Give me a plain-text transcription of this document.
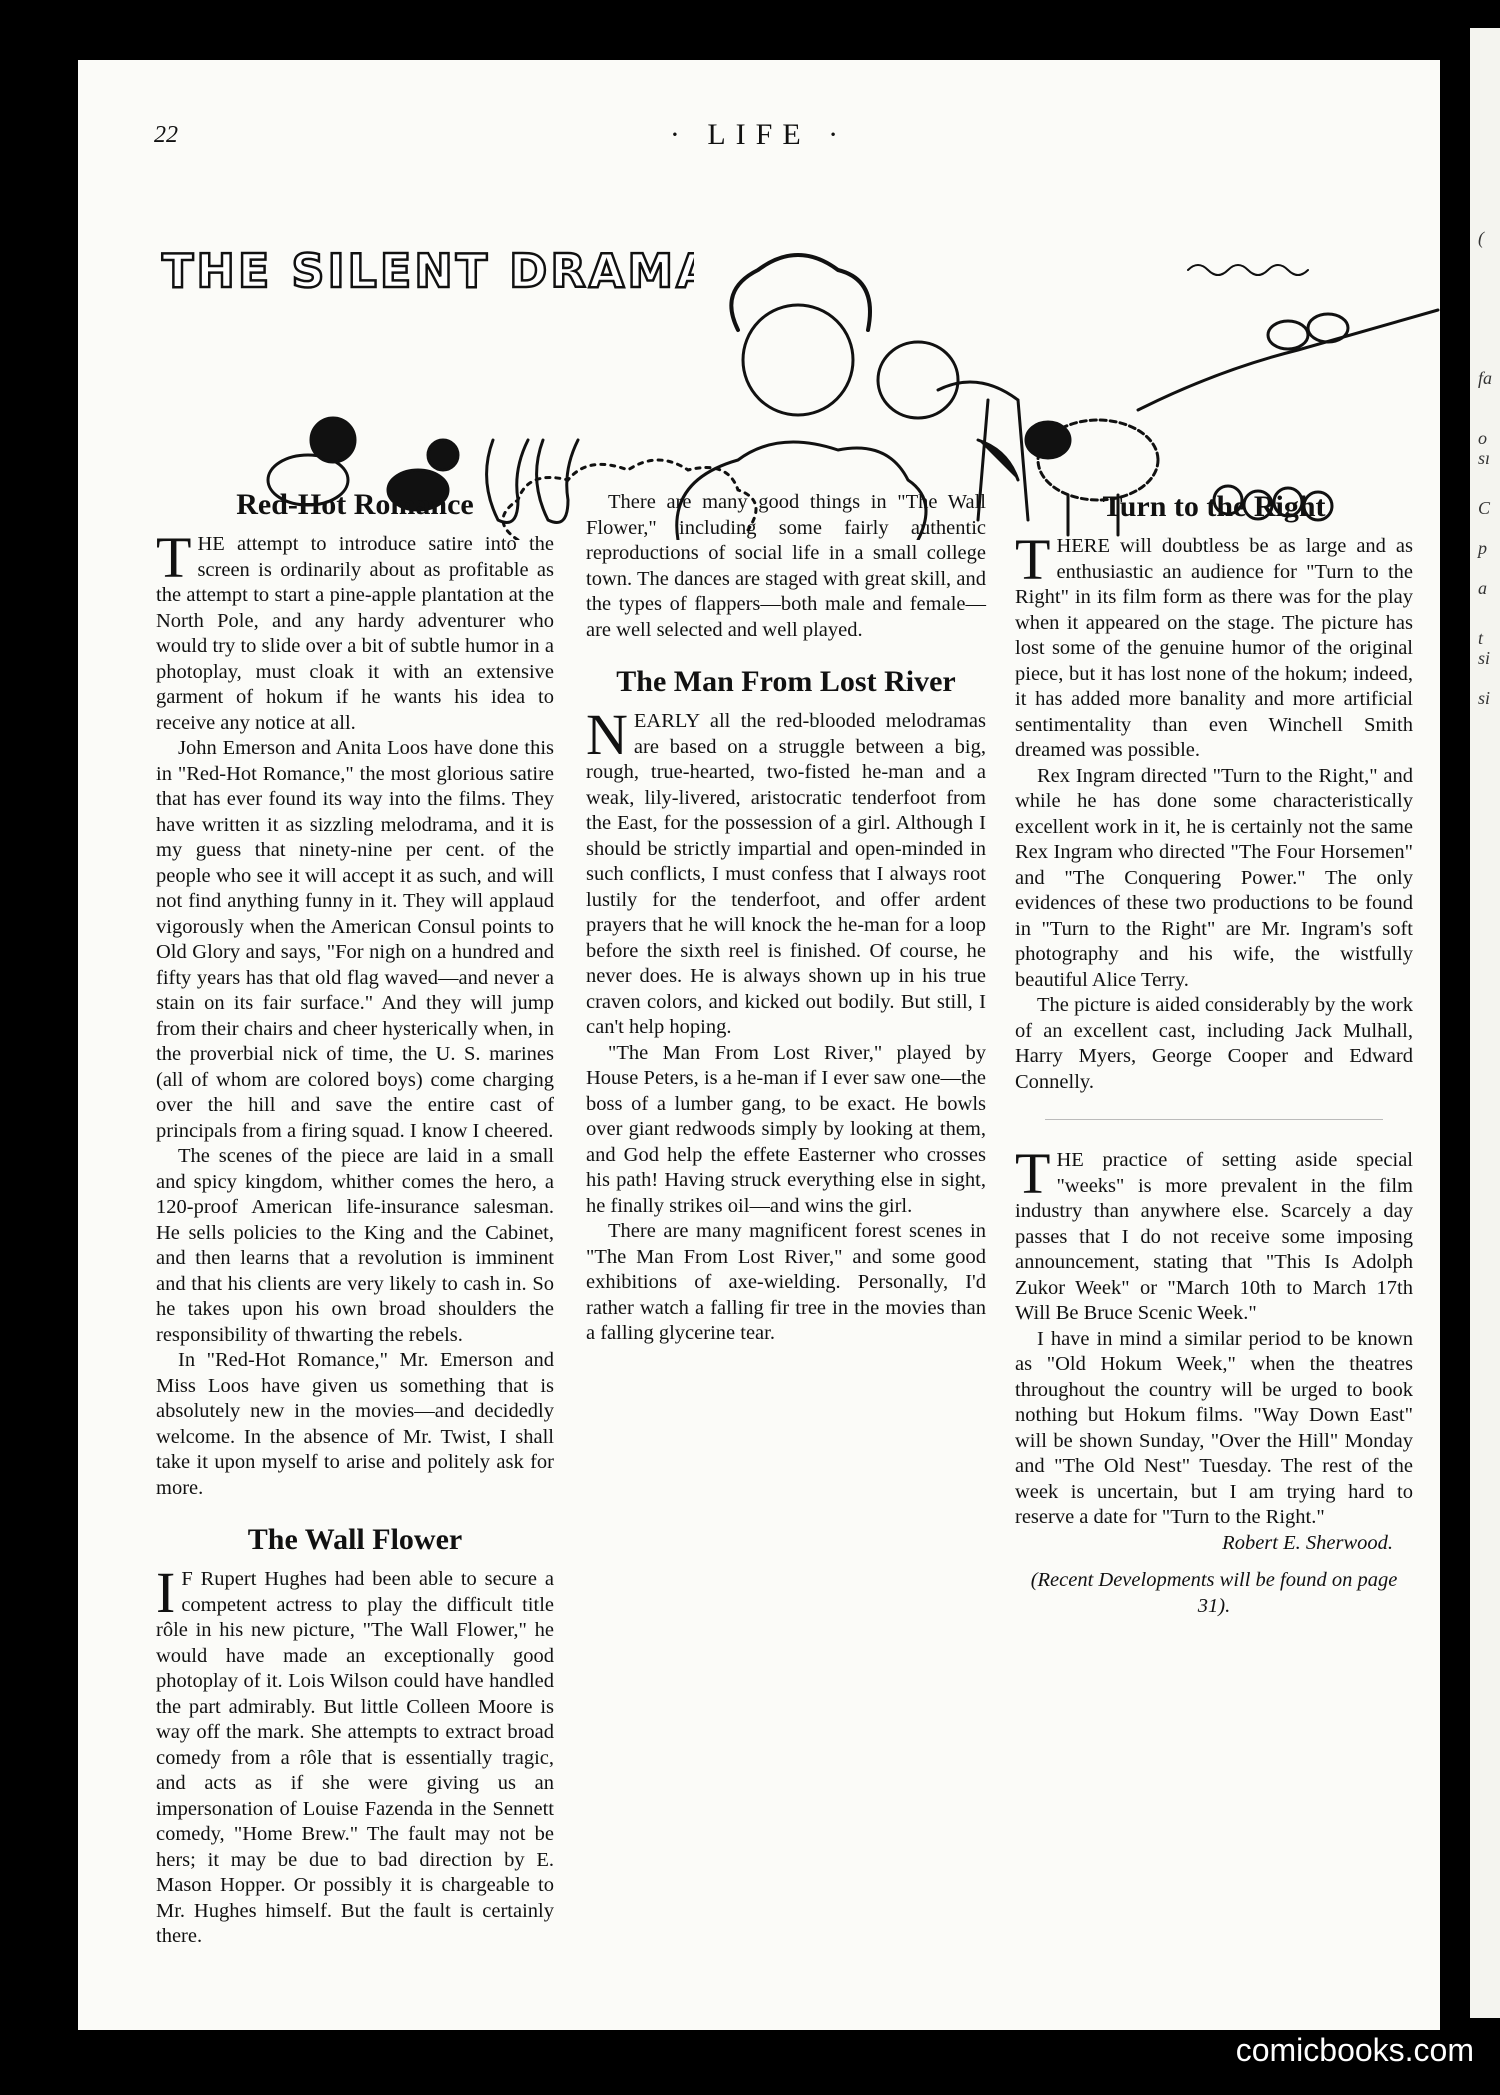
22	· LIFE ·
THE SILENT DRAMA
(
fa
o
sı
C
p
a
t
si
si
Red-Hot Romance

THE attempt to introduce satire into the screen is ordinarily about as profitable as the attempt to start a pine-apple plantation at the North Pole, and any hardy adventurer who would try to slide over a bit of subtle humor in a photoplay, must cloak it with an extensive garment of hokum if he wants his idea to receive any notice at all.

John Emerson and Anita Loos have done this in "Red-Hot Romance," the most glorious satire that has ever found its way into the films. They have written it as sizzling melodrama, and it is my guess that ninety-nine per cent. of the people who see it will accept it as such, and will not find anything funny in it. They will applaud vigorously when the American Consul points to Old Glory and says, "For nigh on a hundred and fifty years has that old flag waved—and never a stain on its fair surface." And they will jump from their chairs and cheer hysterically when, in the proverbial nick of time, the U. S. marines (all of whom are colored boys) come charging over the hill and save the entire cast of principals from a firing squad. I know I cheered.

The scenes of the piece are laid in a small and spicy kingdom, whither comes the hero, a 120-proof American life-insurance salesman. He sells policies to the King and the Cabinet, and then learns that a revolution is imminent and that his clients are very likely to cash in. So he takes upon his own broad shoulders the responsibility of thwarting the rebels.

In "Red-Hot Romance," Mr. Emerson and Miss Loos have given us something that is absolutely new in the movies—and decidedly welcome. In the absence of Mr. Twist, I shall take it upon myself to arise and politely ask for more.

The Wall Flower

I F Rupert Hughes had been able to secure a competent actress to play the difficult title rôle in his new picture, "The Wall Flower," he would have made an exceptionally good photoplay of it. Lois Wilson could have handled the part admirably. But little Colleen Moore is way off the mark. She attempts to extract broad comedy from a rôle that is essentially tragic, and acts as if she were giving us an impersonation of Louise Fazenda in the Sennett comedy, "Home Brew." The fault may not be hers; it may be due to bad direction by E. Mason Hopper. Or possibly it is chargeable to Mr. Hughes himself. But the fault is certainly there.

There are many good things in "The Wall Flower," including some fairly authentic reproductions of social life in a small college town. The dances are staged with great skill, and the types of flappers—both male and female—are well selected and well played.

The Man From Lost River

NEARLY all the red-blooded melodramas are based on a struggle between a big, rough, true-hearted, two-fisted he-man and a weak, lily-livered, aristocratic tenderfoot from the East, for the possession of a girl. Although I should be strictly impartial and open-minded in such conflicts, I must confess that I always root lustily for the tenderfoot, and offer ardent prayers that he will knock the he-man for a loop before the sixth reel is finished. Of course, he never does. He is always shown up in his true craven colors, and kicked out bodily. But still, I can't help hoping.

"The Man From Lost River," played by House Peters, is a he-man if I ever saw one—the boss of a lumber gang, to be exact. He bowls over giant redwoods simply by looking at them, and God help the effete Easterner who crosses his path! Having struck everything else in sight, he finally strikes oil—and wins the girl.

There are many magnificent forest scenes in "The Man From Lost River," and some good exhibitions of axe-wielding. Personally, I'd rather watch a falling fir tree in the movies than a falling glycerine tear.

Turn to the Right

THERE will doubtless be as large and as enthusiastic an audience for "Turn to the Right" in its film form as there was for the play when it appeared on the stage. The picture has lost some of the genuine humor of the original piece, but it has lost none of the hokum; indeed, it has added more banality and more artificial sentimentality than even Winchell Smith dreamed was possible.

Rex Ingram directed "Turn to the Right," and while he has done some characteristically excellent work in it, he is certainly not the same Rex Ingram who directed "The Four Horsemen" and "The Conquering Power." The only evidences of these two productions to be found in "Turn to the Right" are Mr. Ingram's soft photography and his wife, the wistfully beautiful Alice Terry.

The picture is aided considerably by the work of an excellent cast, including Jack Mulhall, Harry Myers, George Cooper and Edward Connelly.

THE practice of setting aside special "weeks" is more prevalent in the film industry than anywhere else. Scarcely a day passes that I do not receive some imposing announcement, stating that "This Is Adolph Zukor Week" or "March 10th to March 17th Will Be Bruce Scenic Week."

I have in mind a similar period to be known as "Old Hokum Week," when the theatres throughout the country will be urged to book nothing but Hokum films. "Way Down East" will be shown Sunday, "Over the Hill" Monday and "The Old Nest" Tuesday. The rest of the week is uncertain, but I am trying hard to reserve a date for "Turn to the Right."

Robert E. Sherwood.
(Recent Developments will be found on page 31).
comicbooks.com
